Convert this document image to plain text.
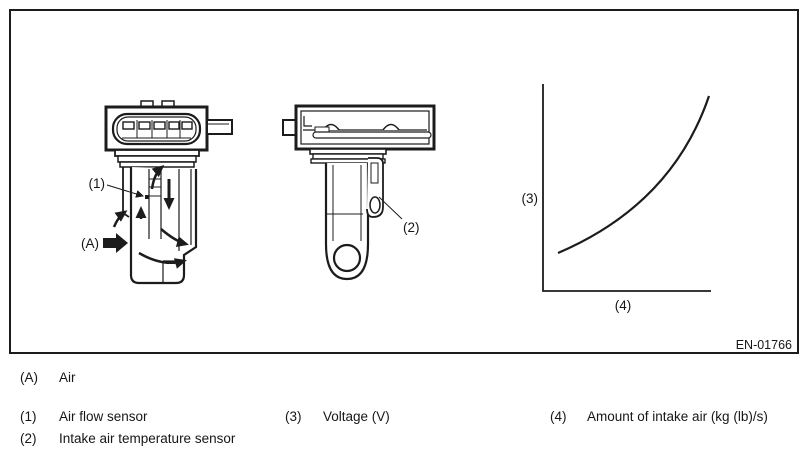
(1)
(A)
(2)
(3)
(4)
EN-01766
(A) Air
(1) Air flow sensor	(3) Voltage (V)	(4) Amount of intake air (kg (lb)/s)
(2) Intake air temperature sensor
